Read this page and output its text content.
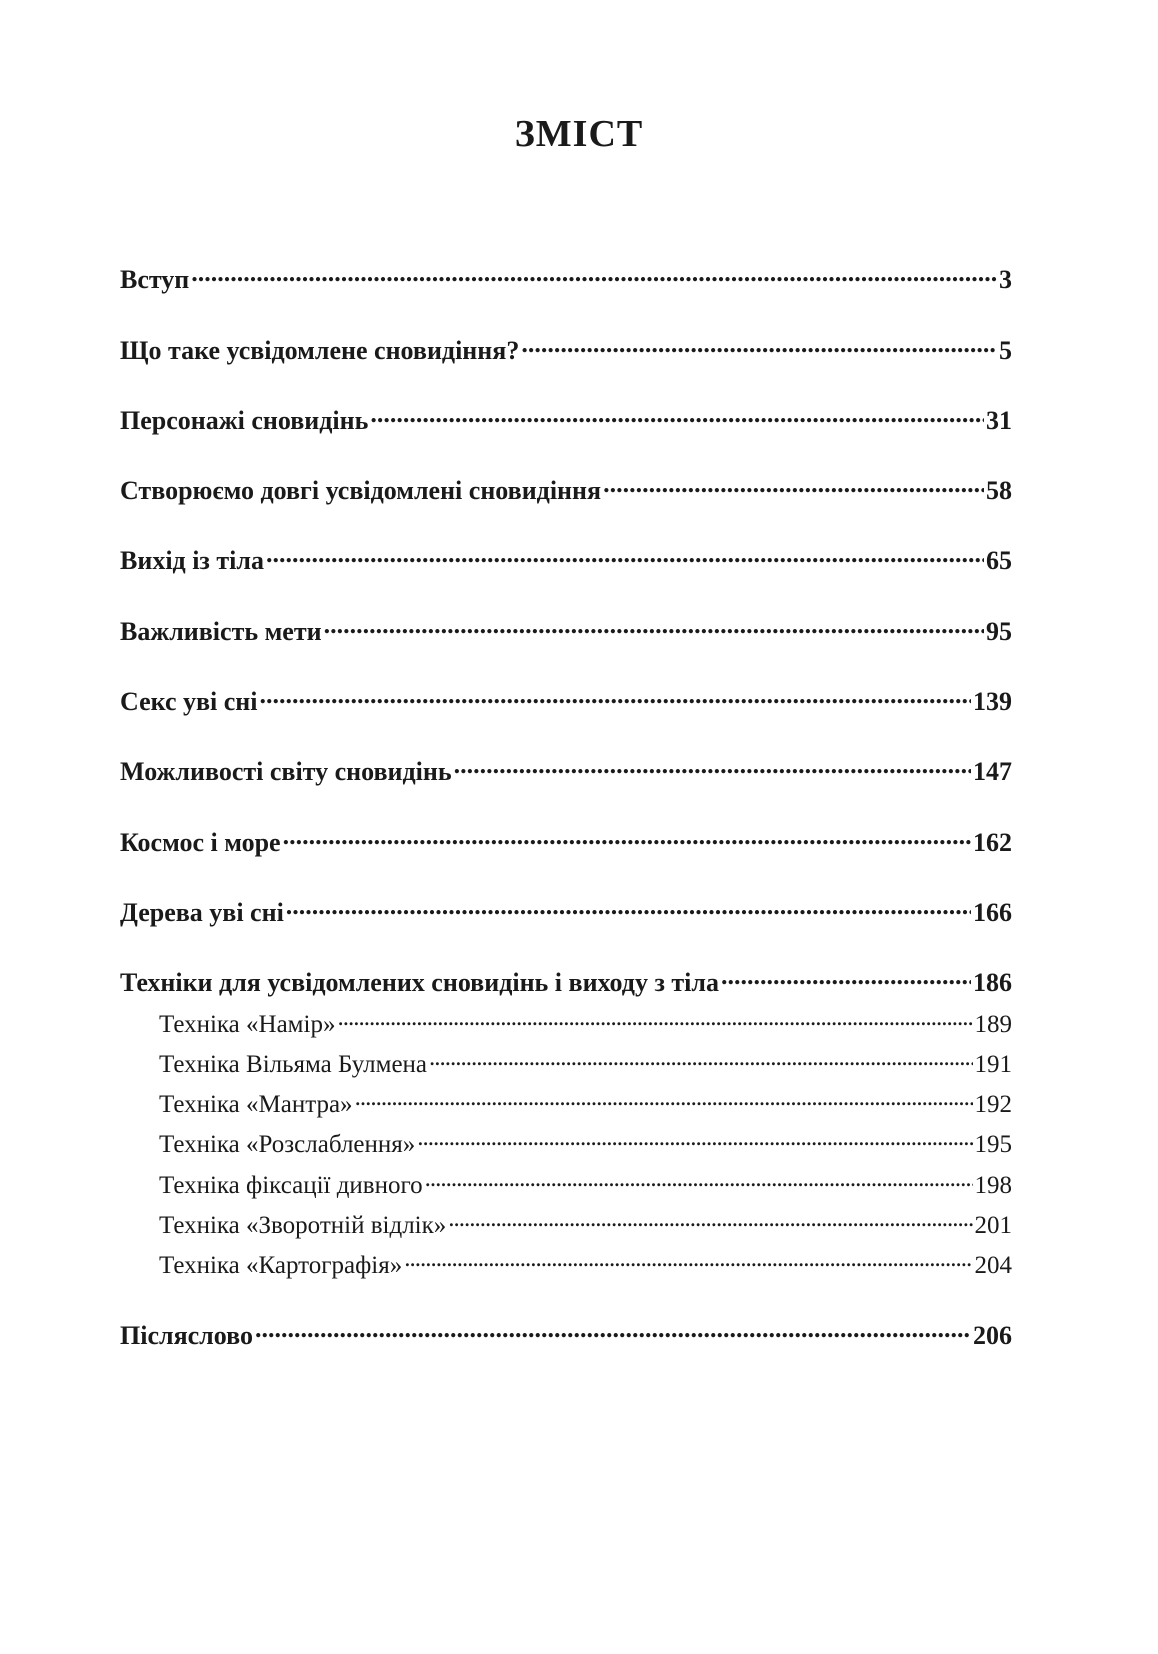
ЗМІСТ
Вступ .....	3
Що таке усвідомлене сновидіння? .....	5
Персонажі сновидінь .....	31
Створюємо довгі усвідомлені сновидіння .....	58
Вихід із тіла .....	65
Важливість мети .....	95
Секс уві сні .....	139
Можливості світу сновидінь .....	147
Космос і море .....	162
Дерева уві сні .....	166
Техніки для усвідомлених сновидінь і виходу з тіла .....	186
Техніка «Намір» .....	189
Техніка Вільяма Булмена .....	191
Техніка «Мантра» .....	192
Техніка «Розслаблення» .....	195
Техніка фіксації дивного .....	198
Техніка «Зворотній відлік» .....	201
Техніка «Картографія» .....	204
Післяслово .....	206
